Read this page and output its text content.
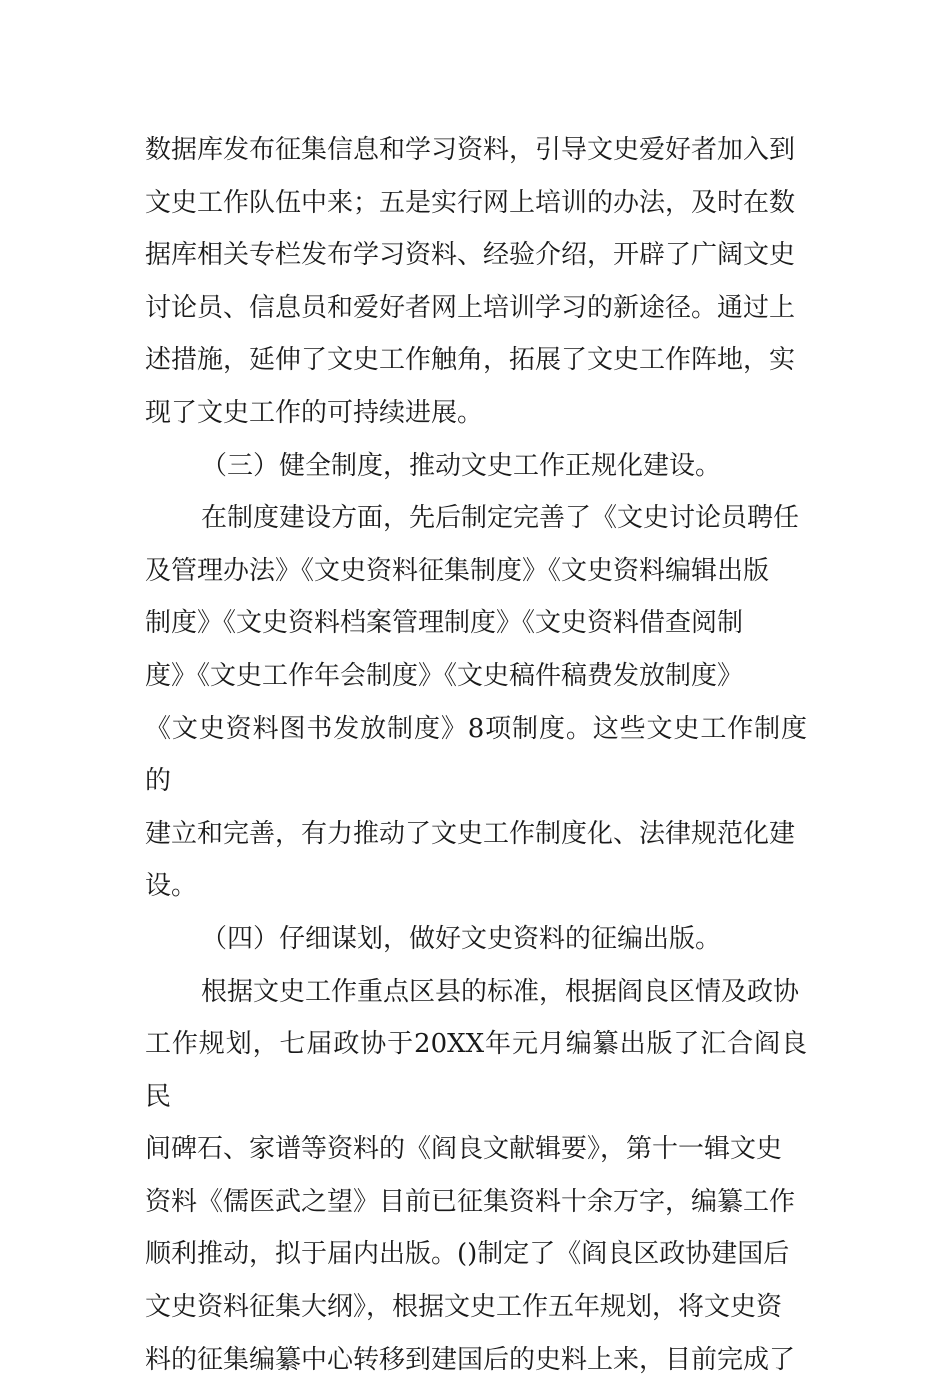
数据库发布征集信息和学习资料，引导文史爱好者加入到

文史工作队伍中来；五是实行网上培训的办法，及时在数

据库相关专栏发布学习资料、经验介绍，开辟了广阔文史

讨论员、信息员和爱好者网上培训学习的新途径。通过上

述措施，延伸了文史工作触角，拓展了文史工作阵地，实

现了文史工作的可持续进展。

（三）健全制度，推动文史工作正规化建设。

在制度建设方面，先后制定完善了《文史讨论员聘任

及管理办法》《文史资料征集制度》《文史资料编辑出版

制度》《文史资料档案管理制度》《文史资料借查阅制

度》《文史工作年会制度》《文史稿件稿费发放制度》

《文史资料图书发放制度》8项制度。这些文史工作制度的

建立和完善，有力推动了文史工作制度化、法律规范化建

设。

（四）仔细谋划，做好文史资料的征编出版。

根据文史工作重点区县的标准，根据阎良区情及政协

工作规划，七届政协于20XX年元月编纂出版了汇合阎良民

间碑石、家谱等资料的《阎良文献辑要》，第十一辑文史

资料《儒医武之望》目前已征集资料十余万字，编纂工作

顺利推动，拟于届内出版。()制定了《阎良区政协建国后

文史资料征集大纲》，根据文史工作五年规划，将文史资

料的征集编纂中心转移到建国后的史料上来，目前完成了
